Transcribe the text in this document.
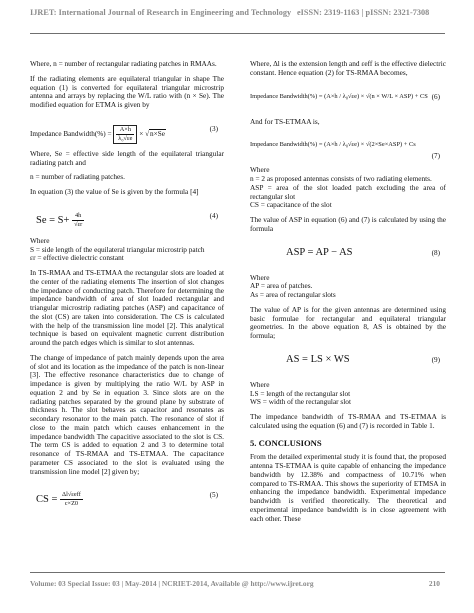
IJRET: International Journal of Research in Engineering and Technology eISSN: 2319-1163 | pISSN: 2321-7308

Where, n = number of rectangular radiating patches in RMAAs.

If the radiating elements are equilateral triangular in shape The equation (1) is converted for equilateral triangular microstrip antenna and arrays by replacing the W/L ratio with (n × Se). The modified equation for ETMA is given by

Impedance Bandwidth(%) = $\frac{A\times h}{\text{λ₀√εe}} \times √n\times Se$
(3)

Where, Se = effective side length of the equilateral triangular radiating patch and

n = number of radiating patches.

In equation (3) the value of Se is given by the formula [4]

$Se = S+ \frac{4h}{√\varepsilon r}$	(4)

Where

S = side length of the equilateral triangular microstrip patch

εr = effective dielectric constant

In TS-RMAA and TS-ETMAA the rectangular slots are loaded at the center of the radiating elements The insertion of slot changes the impedance of conducting patch. Therefore for determining the impedance bandwidth of area of slot loaded rectangular and triangular microstrip radiating patches (ASP) and capacitance of the slot (CS) are taken into consideration. The CS is calculated with the help of the transmission line model [2]. This analytical technique is based on equivalent magnetic current distribution around the patch edges which is similar to slot antennas.

The change of impedance of patch mainly depends upon the area of slot and its location as the impedance of the patch is non-linear [3]. The effective resonance characteristics due to change of impedance is given by multiplying the ratio W/L by ASP in equation 2 and by Se in equation 3. Since slots are on the radiating patches separated by the ground plane by substrate of thickness h. The slot behaves as capacitor and resonates as secondary resonator to the main patch. The resonance of slot if close to the main patch which causes enhancement in the impedance bandwidth The capacitive associated to the slot is CS. The term CS is added to equation 2 and 3 to determine total resonance of TS-RMAA and TS-ETMAA. The capacitance parameter CS associated to the slot is evaluated using the transmission line model [2] given by;

CS = $\frac{\text{Δl√εeff}}{c\times Z0}$	(5)

Where, Δl is the extension length and εeff is the effective dielectric constant. Hence equation (2) for TS-RMAA becomes,

Impedance Bandwidth(%) = (A×h / λ₀√εe) × √(n × W/L × ASP) + CS (6)

And for TS-ETMAA is,

Impedance Bandwidth(%) = (A×h / λ₀√εe) × √(2×Se×ASP) + Cs
(7)

Where

n = 2 as proposed antennas consists of two radiating elements.

ASP = area of the slot loaded patch excluding the area of rectangular slot

CS = capacitance of the slot

The value of ASP in equation (6) and (7) is calculated by using the formula

ASP = AP − AS	(8)

Where

AP = area of patches.

As = area of rectangular slots

The value of AP is for the given antennas are determined using basic formulae for rectangular and equilateral triangular geometries. In the above equation 8, AS is obtained by the formula;

AS = LS × WS	(9)

Where

LS = length of the rectangular slot

WS = width of the rectangular slot

The impedance bandwidth of TS-RMAA and TS-ETMAA is calculated using the equation (6) and (7) is recorded in Table 1.

5. CONCLUSIONS

From the detailed experimental study it is found that, the proposed antenna TS-ETMAA is quite capable of enhancing the impedance bandwidth by 12.38% and compactness of 10.71% when compared to TS-RMAA. This shows the superiority of ETMSA in enhancing the impedance bandwidth. Experimental impedance bandwidth is verified theoretically. The theoretical and experimental impedance bandwidth is in close agreement with each other. These

Volume: 03 Special Issue: 03 | May-2014 | NCRIET-2014, Available @ http://www.ijret.org	210
